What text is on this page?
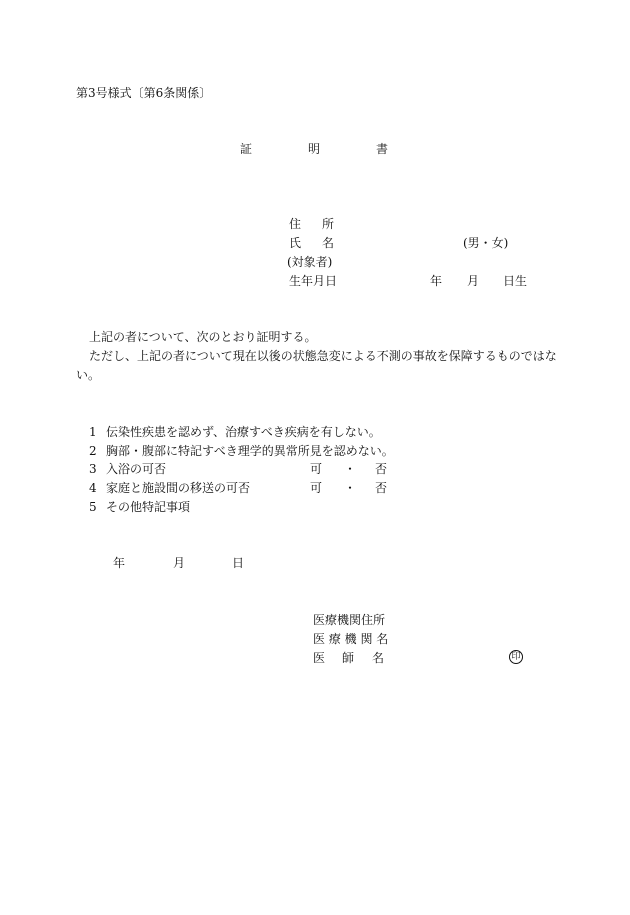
第3号様式〔第6条関係〕
証	明	書
住 所
氏 名	(男・女)
(対象者)
生年月日	年 月 日生
上記の者について、次のとおり証明する。
ただし、上記の者について現在以後の状態急変による不測の事故を保障するものではな
い。
1 伝染性疾患を認めず、治療すべき疾病を有しない。
2 胸部・腹部に特記すべき理学的異常所見を認めない。
3 入浴の可否	可 ・ 否
4 家庭と施設間の移送の可否	可 ・ 否
5 その他特記事項
年	月	日
医療機関住所
医 療 機 関 名
医 師 名	印
